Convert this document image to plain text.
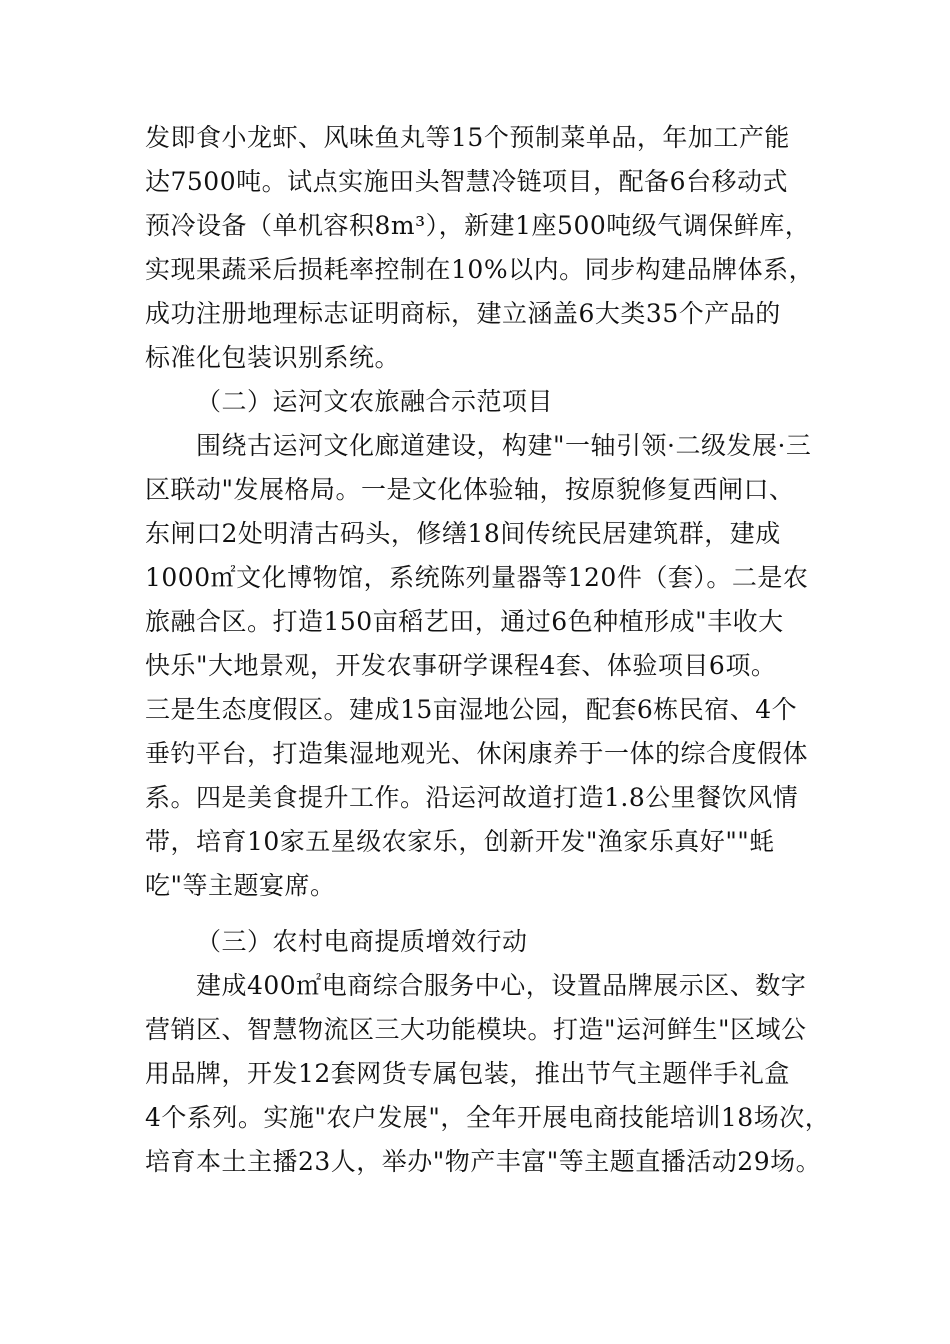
发即食小龙虾、风味鱼丸等15个预制菜单品，年加工产能
达7500吨。试点实施田头智慧冷链项目，配备6台移动式
预冷设备（单机容积8m³），新建1座500吨级气调保鲜库，
实现果蔬采后损耗率控制在10%以内。同步构建品牌体系，
成功注册地理标志证明商标，建立涵盖6大类35个产品的
标准化包装识别系统。
（二）运河文农旅融合示范项目
围绕古运河文化廊道建设，构建"一轴引领·二级发展·三
区联动"发展格局。一是文化体验轴，按原貌修复西闸口、
东闸口2处明清古码头，修缮18间传统民居建筑群，建成
1000㎡文化博物馆，系统陈列量器等120件（套）。二是农
旅融合区。打造150亩稻艺田，通过6色种植形成"丰收大
快乐"大地景观，开发农事研学课程4套、体验项目6项。
三是生态度假区。建成15亩湿地公园，配套6栋民宿、4个
垂钓平台，打造集湿地观光、休闲康养于一体的综合度假体
系。四是美食提升工作。沿运河故道打造1.8公里餐饮风情
带，培育10家五星级农家乐，创新开发"渔家乐真好""蚝
吃"等主题宴席。
（三）农村电商提质增效行动
建成400㎡电商综合服务中心，设置品牌展示区、数字
营销区、智慧物流区三大功能模块。打造"运河鲜生"区域公
用品牌，开发12套网货专属包装，推出节气主题伴手礼盒
4个系列。实施"农户发展"，全年开展电商技能培训18场次，
培育本土主播23人，举办"物产丰富"等主题直播活动29场。
